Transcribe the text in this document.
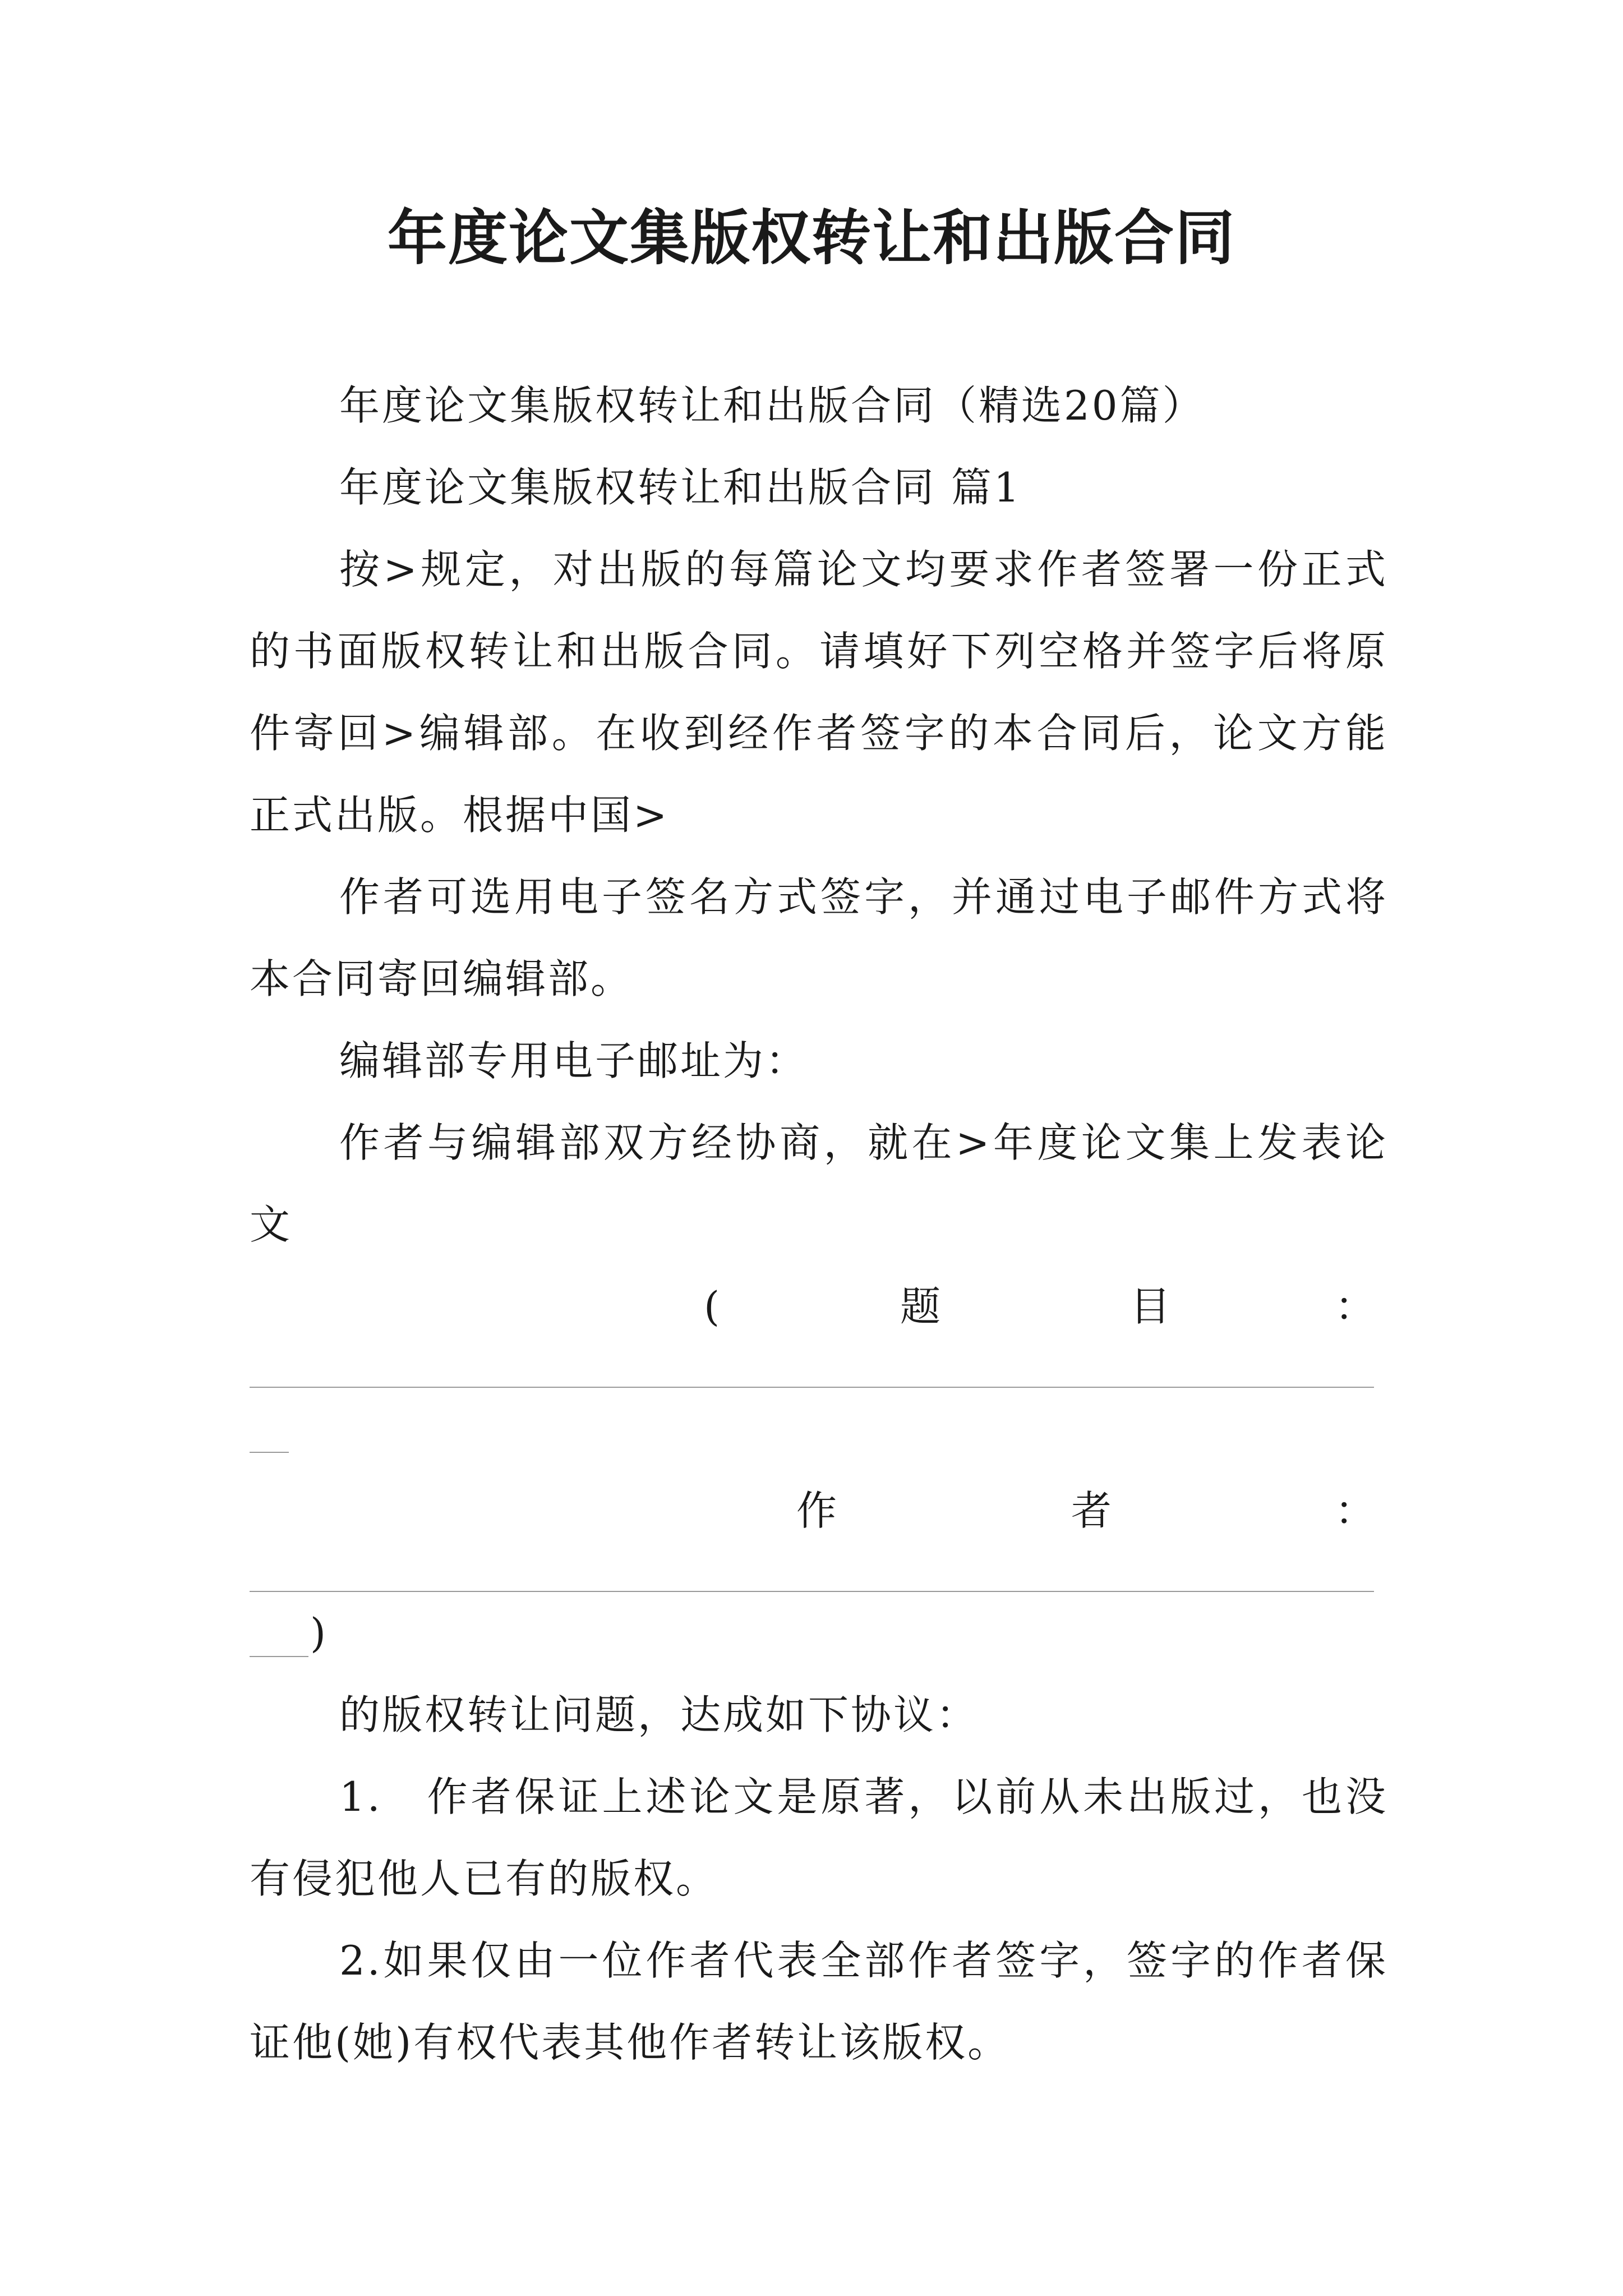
年度论文集版权转让和出版合同

年度论文集版权转让和出版合同（精选20篇）

年度论文集版权转让和出版合同 篇1

按>规定，对出版的每篇论文均要求作者签署一份正式的书面版权转让和出版合同。请填好下列空格并签字后将原件寄回>编辑部。在收到经作者签字的本合同后，论文方能正式出版。根据中国>

作者可选用电子签名方式签字，并通过电子邮件方式将本合同寄回编辑部。

编辑部专用电子邮址为：

作者与编辑部双方经协商，就在>年度论文集上发表论文

(	题	目	：
作	者	：
)

的版权转让问题，达成如下协议：

1.　作者保证上述论文是原著，以前从未出版过，也没有侵犯他人已有的版权。

2.如果仅由一位作者代表全部作者签字，签字的作者保证他(她)有权代表其他作者转让该版权。
